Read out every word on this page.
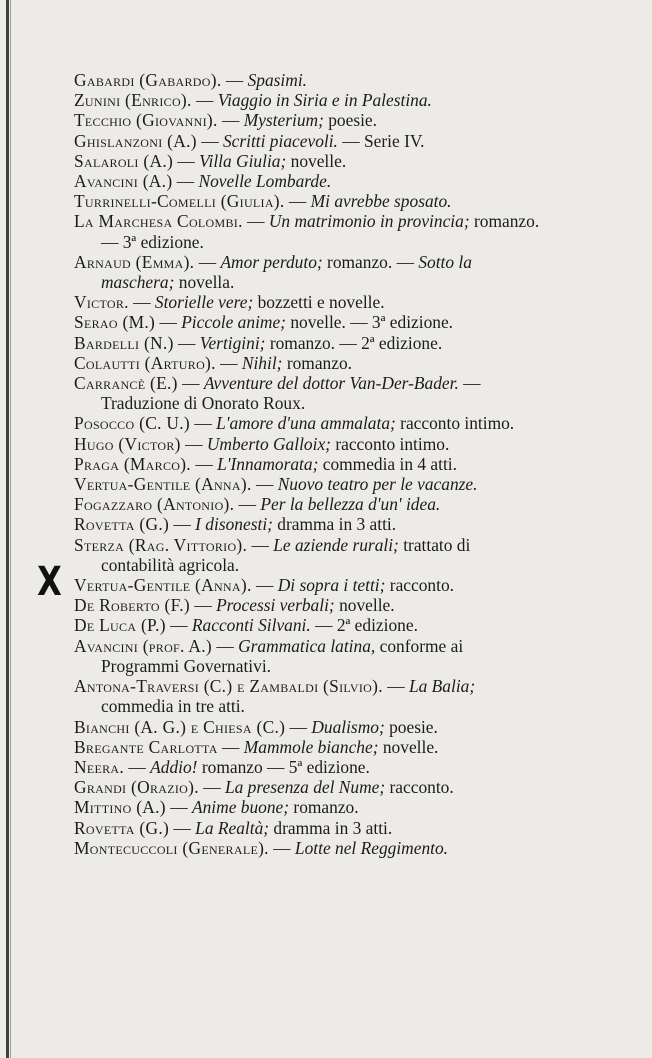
X

Gabardi (Gabardo). — Spasimi.

Zunini (Enrico). — Viaggio in Siria e in Palestina.

Tecchio (Giovanni). — Mysterium; poesie.

Ghislanzoni (A.) — Scritti piacevoli. — Serie IV.

Salaroli (A.) — Villa Giulia; novelle.

Avancini (A.) — Novelle Lombarde.

Turrinelli-Comelli (Giulia). — Mi avrebbe sposato.

La Marchesa Colombi. — Un matrimonio in provincia; romanzo. — 3ª edizione.

Arnaud (Emma). — Amor perduto; romanzo. — Sotto la maschera; novella.

Victor. — Storielle vere; bozzetti e novelle.

Serao (M.) — Piccole anime; novelle. — 3ª edizione.

Bardelli (N.) — Vertigini; romanzo. — 2ª edizione.

Colautti (Arturo). — Nihil; romanzo.

Carrancè (E.) — Avventure del dottor Van-Der-Bader. — Traduzione di Onorato Roux.

Posocco (C. U.) — L'amore d'una ammalata; racconto intimo.

Hugo (Victor) — Umberto Galloix; racconto intimo.

Praga (Marco). — L'Innamorata; commedia in 4 atti.

Vertua-Gentile (Anna). — Nuovo teatro per le vacanze.

Fogazzaro (Antonio). — Per la bellezza d'un' idea.

Rovetta (G.) — I disonesti; dramma in 3 atti.

Sterza (Rag. Vittorio). — Le aziende rurali; trattato di contabilità agricola.

Vertua-Gentile (Anna). — Di sopra i tetti; racconto.

De Roberto (F.) — Processi verbali; novelle.

De Luca (P.) — Racconti Silvani. — 2ª edizione.

Avancini (prof. A.) — Grammatica latina, conforme ai Programmi Governativi.

Antona-Traversi (C.) e Zambaldi (Silvio). — La Balia; commedia in tre atti.

Bianchi (A. G.) e Chiesa (C.) — Dualismo; poesie.

Bregante Carlotta — Mammole bianche; novelle.

Neera. — Addio! romanzo — 5ª edizione.

Grandi (Orazio). — La presenza del Nume; racconto.

Mittino (A.) — Anime buone; romanzo.

Rovetta (G.) — La Realtà; dramma in 3 atti.

Montecuccoli (Generale). — Lotte nel Reggimento.
